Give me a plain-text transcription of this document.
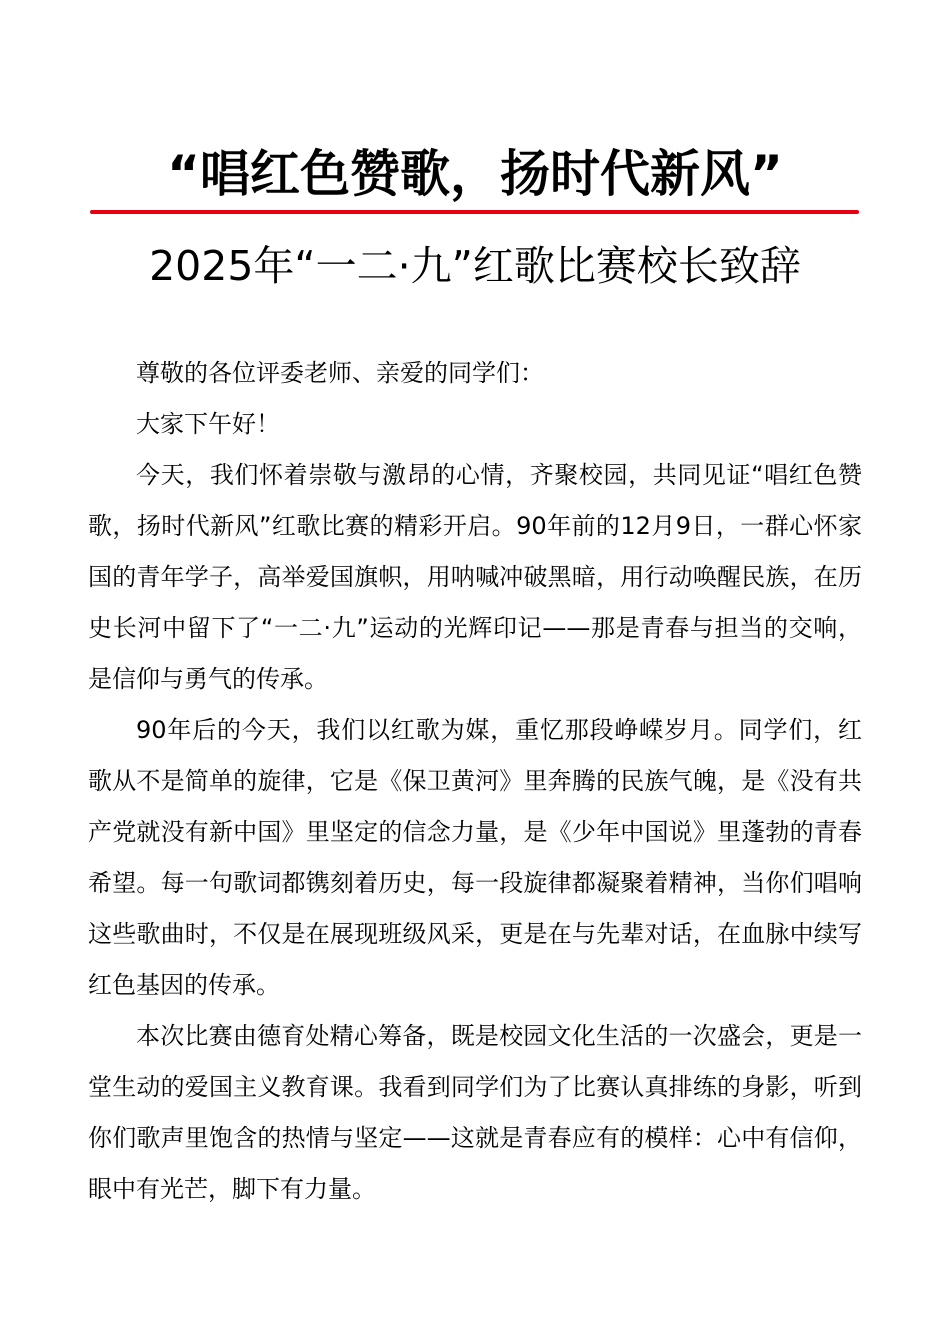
“唱红色赞歌，扬时代新风”
2025年“一二·九”红歌比赛校长致辞

尊敬的各位评委老师、亲爱的同学们：

大家下午好！

今天，我们怀着崇敬与激昂的心情，齐聚校园，共同见证“唱红色赞歌，扬时代新风”红歌比赛的精彩开启。90年前的12月9日，一群心怀家国的青年学子，高举爱国旗帜，用呐喊冲破黑暗，用行动唤醒民族，在历史长河中留下了“一二·九”运动的光辉印记——那是青春与担当的交响，是信仰与勇气的传承。

90年后的今天，我们以红歌为媒，重忆那段峥嵘岁月。同学们，红歌从不是简单的旋律，它是《保卫黄河》里奔腾的民族气魄，是《没有共产党就没有新中国》里坚定的信念力量，是《少年中国说》里蓬勃的青春希望。每一句歌词都镌刻着历史，每一段旋律都凝聚着精神，当你们唱响这些歌曲时，不仅是在展现班级风采，更是在与先辈对话，在血脉中续写红色基因的传承。

本次比赛由德育处精心筹备，既是校园文化生活的一次盛会，更是一堂生动的爱国主义教育课。我看到同学们为了比赛认真排练的身影，听到你们歌声里饱含的热情与坚定——这就是青春应有的模样：心中有信仰，眼中有光芒，脚下有力量。
